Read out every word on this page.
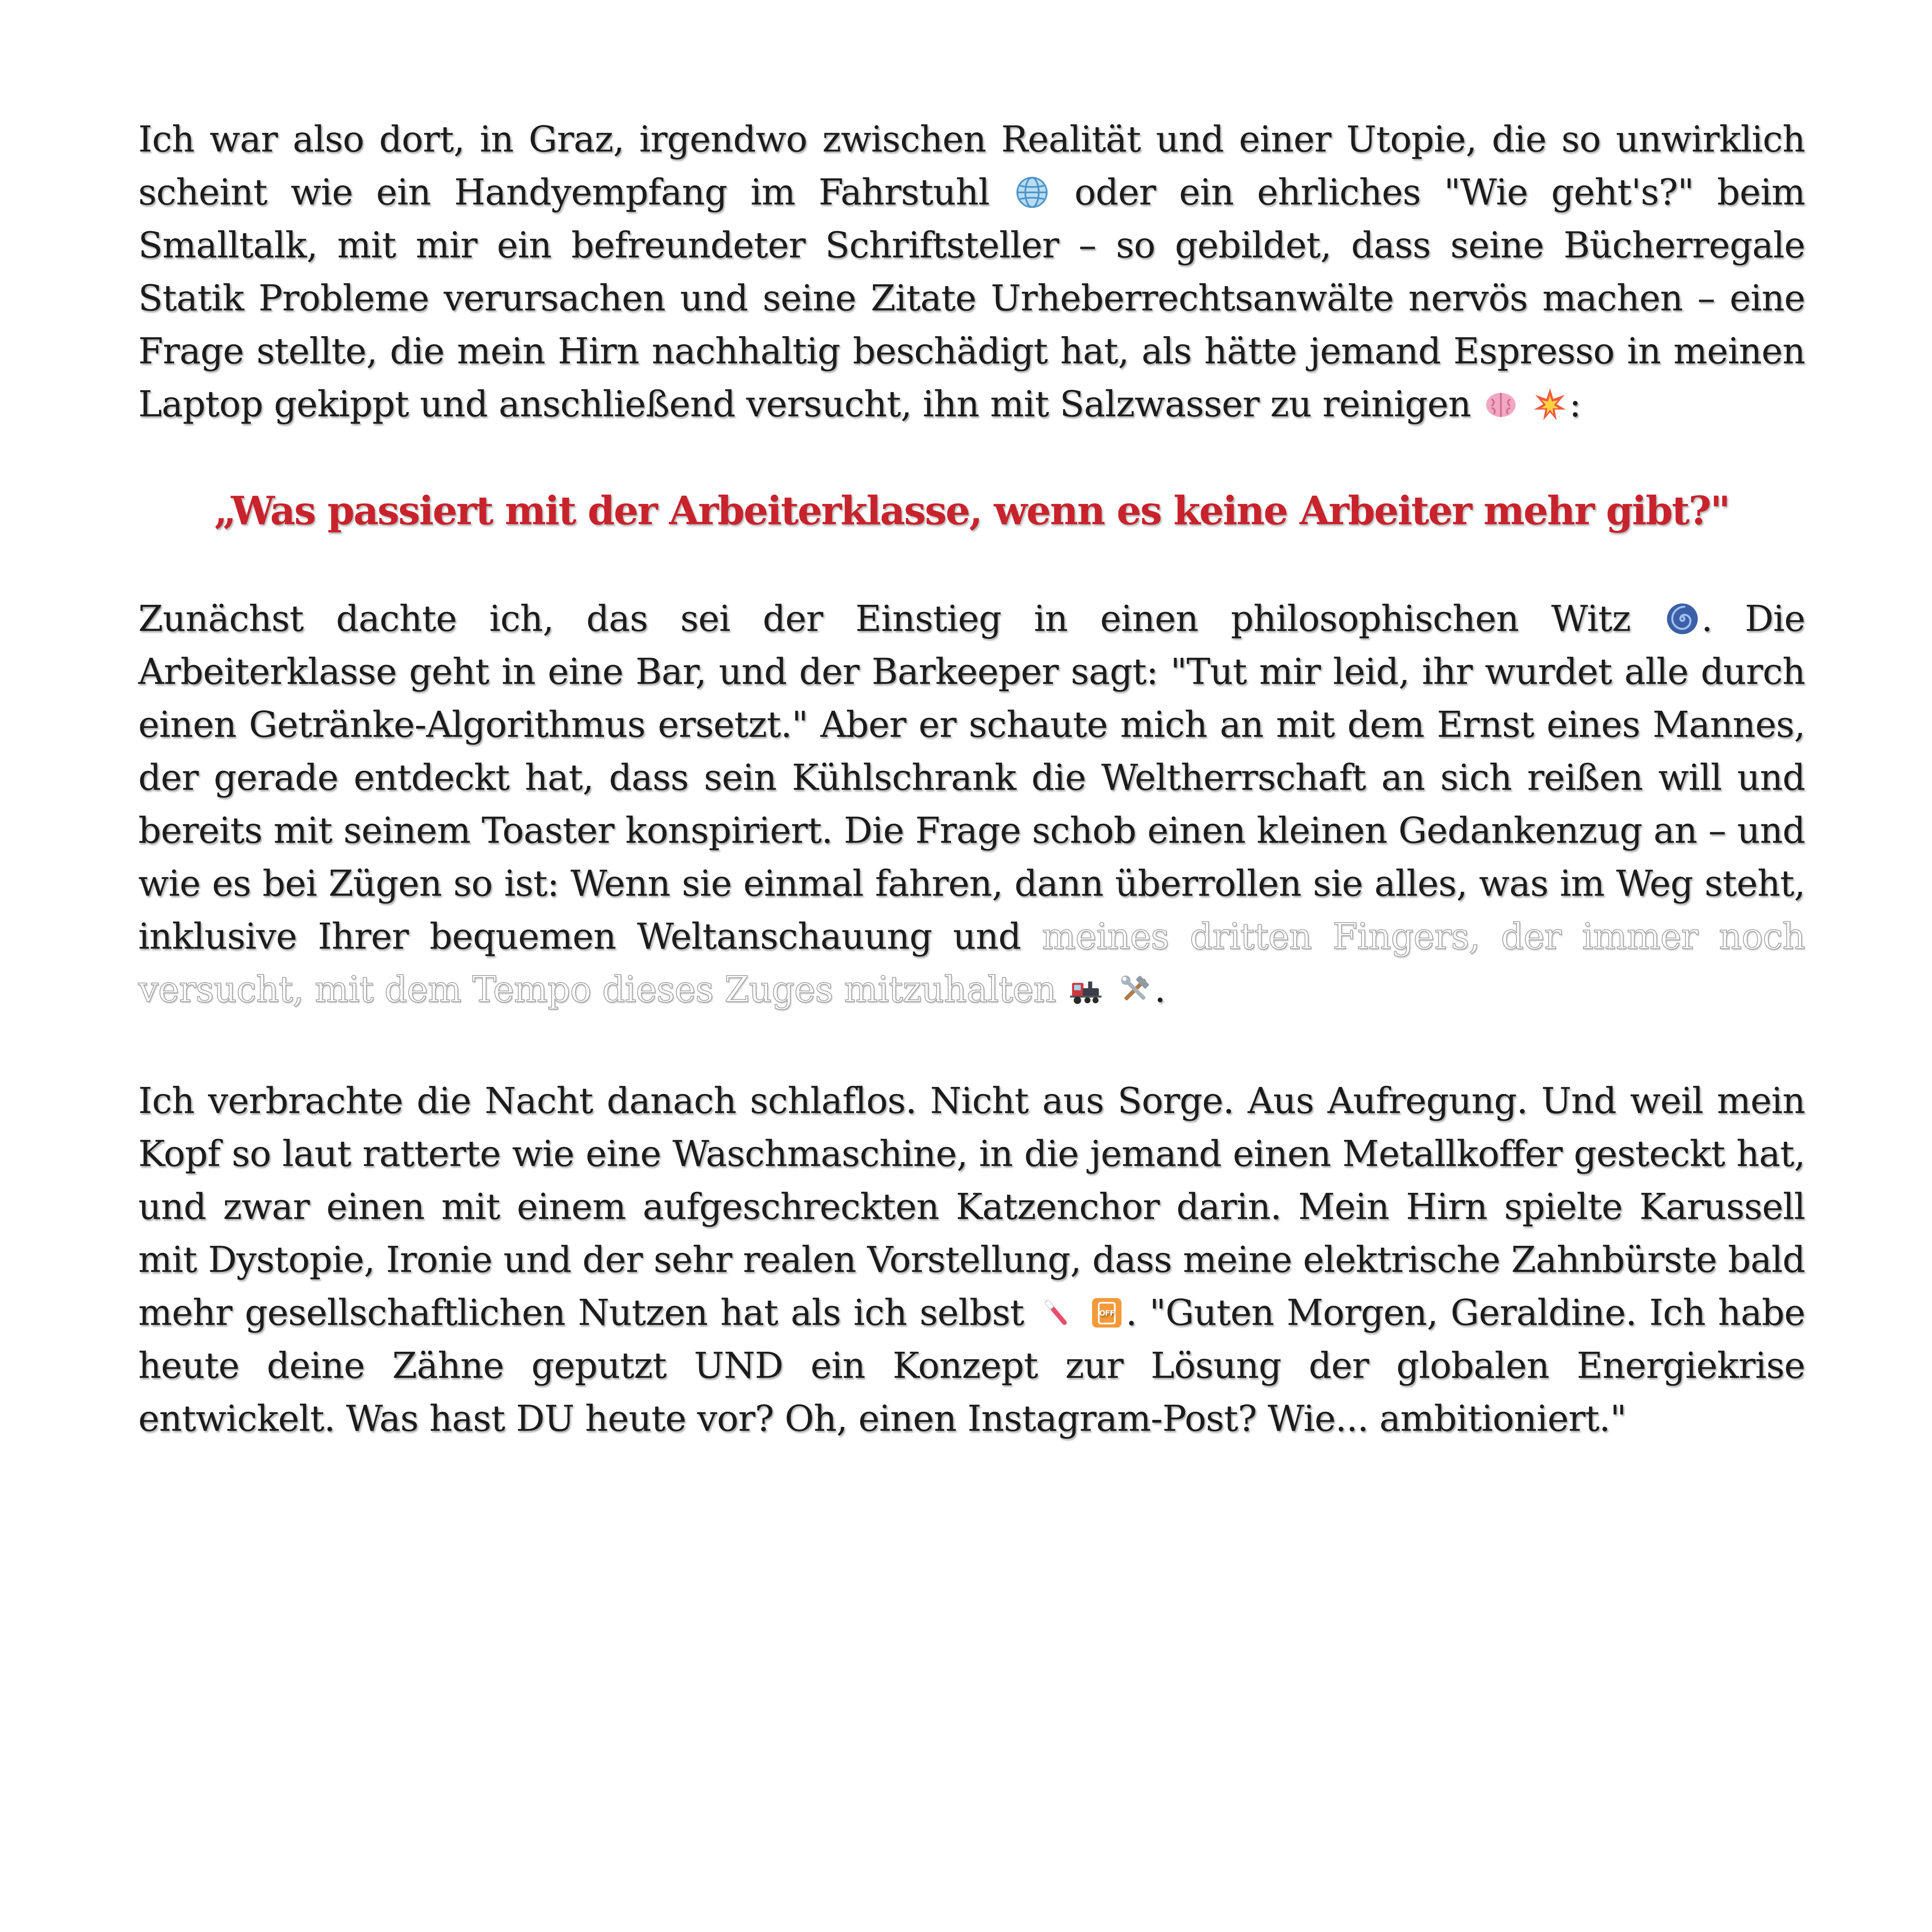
Ich war also dort, in Graz, irgendwo zwischen Realität und einer Utopie, die so unwirklich scheint wie ein Handyempfang im Fahrstuhl oder ein ehrliches "Wie geht's?" beim Smalltalk, mit mir ein befreundeter Schriftsteller – so gebildet, dass seine Bücherregale Statik Probleme verursachen und seine Zitate Urheberrechtsanwälte nervös machen – eine Frage stellte, die mein Hirn nachhaltig beschädigt hat, als hätte jemand Espresso in meinen Laptop gekippt und anschließend versucht, ihn mit Salzwasser zu reinigen
	:

„Was passiert mit der Arbeiterklasse, wenn es keine Arbeiter mehr gibt?"

Zunächst dachte ich, das sei der Einstieg in einen philosophischen Witz . Die Arbeiterklasse geht in eine Bar, und der Barkeeper sagt: "Tut mir leid, ihr wurdet alle durch einen Getränke-Algorithmus ersetzt." Aber er schaute mich an mit dem Ernst eines Mannes, der gerade entdeckt hat, dass sein Kühlschrank die Weltherrschaft an sich reißen will und bereits mit seinem Toaster konspiriert. Die Frage schob einen kleinen Gedankenzug an – und wie es bei Zügen so ist: Wenn sie einmal fahren, dann überrollen sie alles, was im Weg steht, inklusive Ihrer bequemen Weltanschauung und meines dritten Fingers, der immer noch versucht, mit dem Tempo dieses Zuges mitzuhalten
	.

Ich verbrachte die Nacht danach schlaflos. Nicht aus Sorge. Aus Aufregung. Und weil mein Kopf so laut ratterte wie eine Waschmaschine, in die jemand einen Metallkoffer gesteckt hat, und zwar einen mit einem aufgeschreckten Katzenchor darin. Mein Hirn spielte Karussell mit Dystopie, Ironie und der sehr realen Vorstellung, dass meine elektrische Zahnbürste bald mehr gesellschaftlichen Nutzen hat als ich selbst
	OFF . "Guten Morgen, Geraldine. Ich habe heute deine Zähne geputzt UND ein Konzept zur Lösung der globalen Energiekrise entwickelt. Was hast DU heute vor? Oh, einen Instagram-Post? Wie... ambitioniert."
